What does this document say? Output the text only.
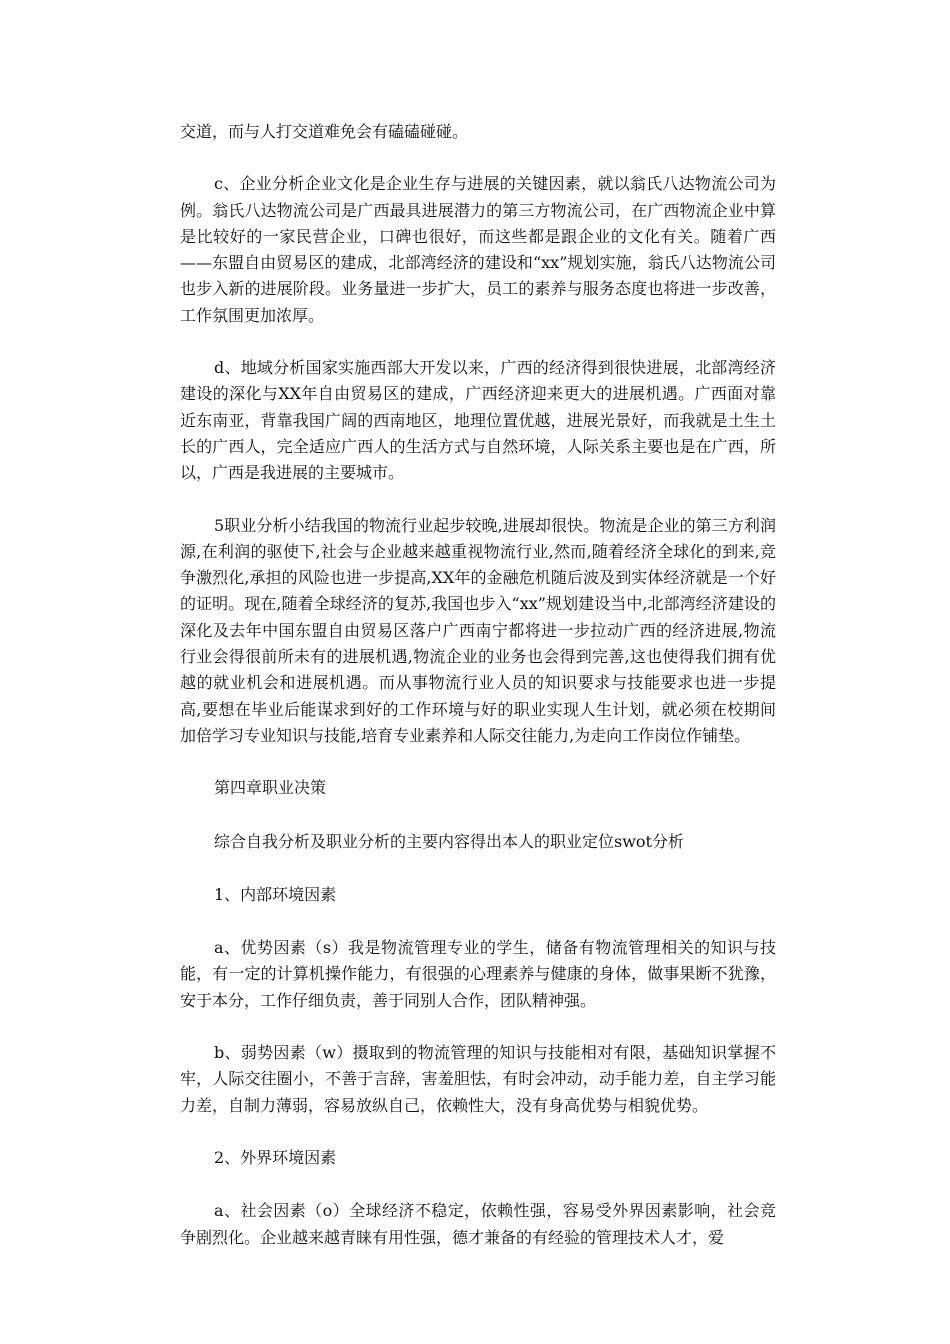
交道，而与人打交道难免会有磕磕碰碰。

c、企业分析企业文化是企业生存与进展的关键因素，就以翁氏八达物流公司为例。翁氏八达物流公司是广西最具进展潜力的第三方物流公司，在广西物流企业中算是比较好的一家民营企业，口碑也很好，而这些都是跟企业的文化有关。随着广西——东盟自由贸易区的建成，北部湾经济的建设和“xx”规划实施，翁氏八达物流公司也步入新的进展阶段。业务量进一步扩大，员工的素养与服务态度也将进一步改善，工作氛围更加浓厚。

d、地域分析国家实施西部大开发以来，广西的经济得到很快进展，北部湾经济建设的深化与XX年自由贸易区的建成，广西经济迎来更大的进展机遇。广西面对靠近东南亚，背靠我国广阔的西南地区，地理位置优越，进展光景好，而我就是土生土长的广西人，完全适应广西人的生活方式与自然环境，人际关系主要也是在广西，所以，广西是我进展的主要城市。

5职业分析小结我国的物流行业起步较晚,进展却很快。物流是企业的第三方利润源,在利润的驱使下,社会与企业越来越重视物流行业,然而,随着经济全球化的到来,竞争激烈化,承担的风险也进一步提高,XX年的金融危机随后波及到实体经济就是一个好的证明。现在,随着全球经济的复苏,我国也步入“xx”规划建设当中,北部湾经济建设的深化及去年中国东盟自由贸易区落户广西南宁都将进一步拉动广西的经济进展,物流行业会得很前所未有的进展机遇,物流企业的业务也会得到完善,这也使得我们拥有优越的就业机会和进展机遇。而从事物流行业人员的知识要求与技能要求也进一步提高,要想在毕业后能谋求到好的工作环境与好的职业实现人生计划，就必须在校期间加倍学习专业知识与技能,培育专业素养和人际交往能力,为走向工作岗位作铺垫。

第四章职业决策

综合自我分析及职业分析的主要内容得出本人的职业定位swot分析

1、内部环境因素

a、优势因素（s）我是物流管理专业的学生，储备有物流管理相关的知识与技能，有一定的计算机操作能力，有很强的心理素养与健康的身体，做事果断不犹豫，安于本分，工作仔细负责，善于同别人合作，团队精神强。

b、弱势因素（w）摄取到的物流管理的知识与技能相对有限，基础知识掌握不牢，人际交往圈小，不善于言辞，害羞胆怯，有时会冲动，动手能力差，自主学习能力差，自制力薄弱，容易放纵自己，依赖性大，没有身高优势与相貌优势。

2、外界环境因素

a、社会因素（o）全球经济不稳定，依赖性强，容易受外界因素影响，社会竞争剧烈化。企业越来越青睐有用性强，德才兼备的有经验的管理技术人才，爱
